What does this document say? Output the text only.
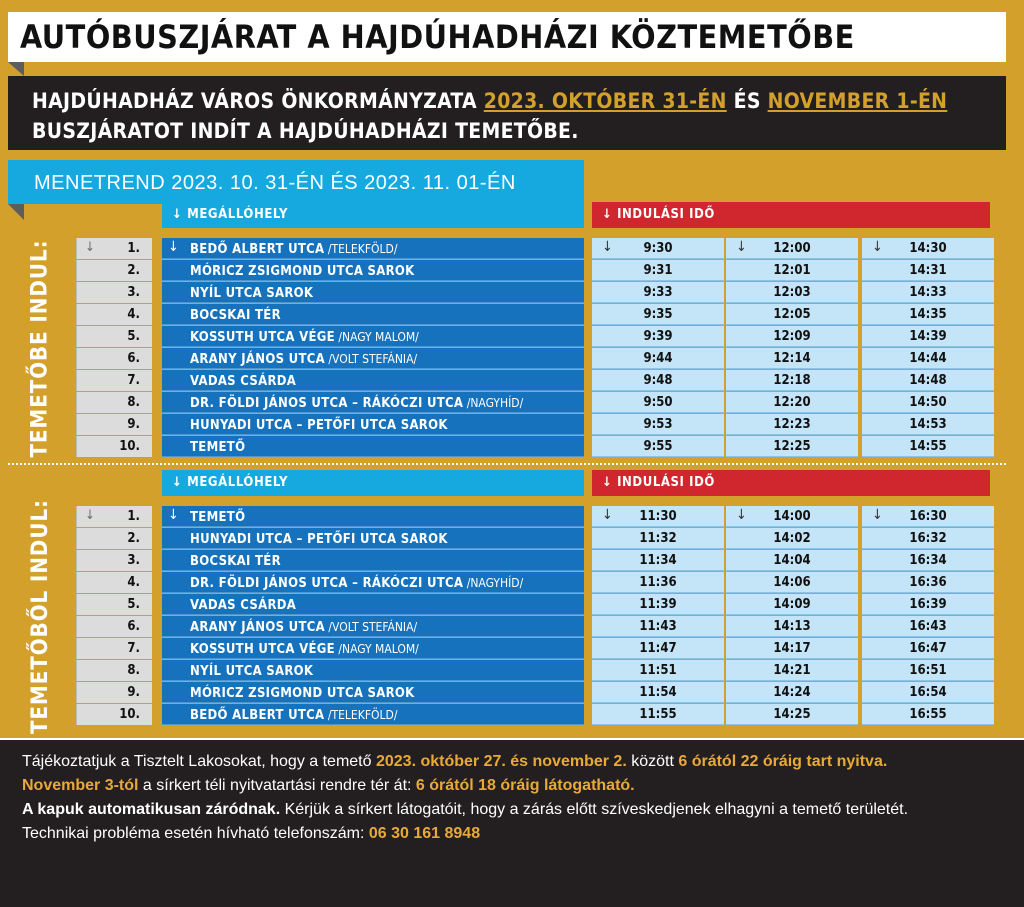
AUTÓBUSZJÁRAT A HAJDÚHADHÁZI KÖZTEMETŐBE

HAJDÚHADHÁZ VÁROS ÖNKORMÁNYZATA 2023. OKTÓBER 31-ÉN ÉS NOVEMBER 1-ÉN BUSZJÁRATOT INDÍT A HAJDÚHADHÁZI TEMETŐBE.

MENETREND 2023. 10. 31-ÉN ÉS 2023. 11. 01-ÉN
↓ MEGÁLLÓHELY	↓ INDULÁSI IDŐ
TEMETŐBE INDUL:	↓	1. ↓ BEDŐ ALBERT UTCA /TELEKFÖLD/	↓	9:30	↓	12:00	↓	14:30
2.	MÓRICZ ZSIGMOND UTCA SAROK	9:31	12:01	14:31
3.	NYÍL UTCA SAROK	9:33	12:03	14:33
4.	BOCSKAI TÉR	9:35	12:05	14:35
5.	KOSSUTH UTCA VÉGE /NAGY MALOM/	9:39	12:09	14:39
6.	ARANY JÁNOS UTCA /VOLT STEFÁNIA/	9:44	12:14	14:44
7.	VADAS CSÁRDA	9:48	12:18	14:48
8.	DR. FÖLDI JÁNOS UTCA – RÁKÓCZI UTCA /NAGYHÍD/	9:50	12:20	14:50
9.	HUNYADI UTCA – PETŐFI UTCA SAROK	9:53	12:23	14:53
10.	TEMETŐ	9:55	12:25	14:55
↓ MEGÁLLÓHELY	↓ INDULÁSI IDŐ
TEMETŐBŐL INDUL:	↓	1. ↓ TEMETŐ	↓	11:30	↓	14:00	↓	16:30
2.	HUNYADI UTCA – PETŐFI UTCA SAROK	11:32	14:02	16:32
3.	BOCSKAI TÉR	11:34	14:04	16:34
4.	DR. FÖLDI JÁNOS UTCA – RÁKÓCZI UTCA /NAGYHÍD/	11:36	14:06	16:36
5.	VADAS CSÁRDA	11:39	14:09	16:39
6.	ARANY JÁNOS UTCA /VOLT STEFÁNIA/	11:43	14:13	16:43
7.	KOSSUTH UTCA VÉGE /NAGY MALOM/	11:47	14:17	16:47
8.	NYÍL UTCA SAROK	11:51	14:21	16:51
9.	MÓRICZ ZSIGMOND UTCA SAROK	11:54	14:24	16:54
10.	BEDŐ ALBERT UTCA /TELEKFÖLD/	11:55	14:25	16:55

Tájékoztatjuk a Tisztelt Lakosokat, hogy a temető 2023. október 27. és november 2. között 6 órától 22 óráig tart nyitva.

November 3-tól a sírkert téli nyitvatartási rendre tér át: 6 órától 18 óráig látogatható.

A kapuk automatikusan záródnak. Kérjük a sírkert látogatóit, hogy a zárás előtt szíveskedjenek elhagyni a temető területét.

Technikai probléma esetén hívható telefonszám: 06 30 161 8948
